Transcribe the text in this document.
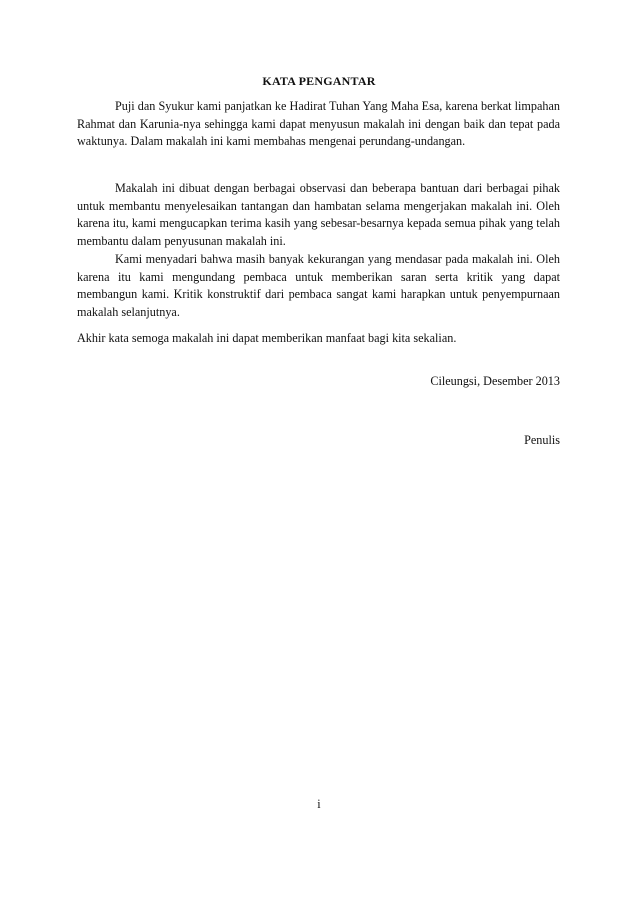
KATA PENGANTAR

Puji dan Syukur kami panjatkan ke Hadirat Tuhan Yang Maha Esa, karena berkat limpahan Rahmat dan Karunia-nya sehingga kami dapat menyusun makalah ini dengan baik dan tepat pada waktunya. Dalam makalah ini kami membahas mengenai perundang-undangan.

Makalah ini dibuat dengan berbagai observasi dan beberapa bantuan dari berbagai pihak untuk membantu menyelesaikan tantangan dan hambatan selama mengerjakan makalah ini. Oleh karena itu, kami mengucapkan terima kasih yang sebesar-besarnya kepada semua pihak yang telah membantu dalam penyusunan makalah ini.

Kami menyadari bahwa masih banyak kekurangan yang mendasar pada makalah ini. Oleh karena itu kami mengundang pembaca untuk memberikan saran serta kritik yang dapat membangun kami. Kritik konstruktif dari pembaca sangat kami harapkan untuk penyempurnaan makalah selanjutnya.

Akhir kata semoga makalah ini dapat memberikan manfaat bagi kita sekalian.

Cileungsi, Desember 2013

Penulis

i
